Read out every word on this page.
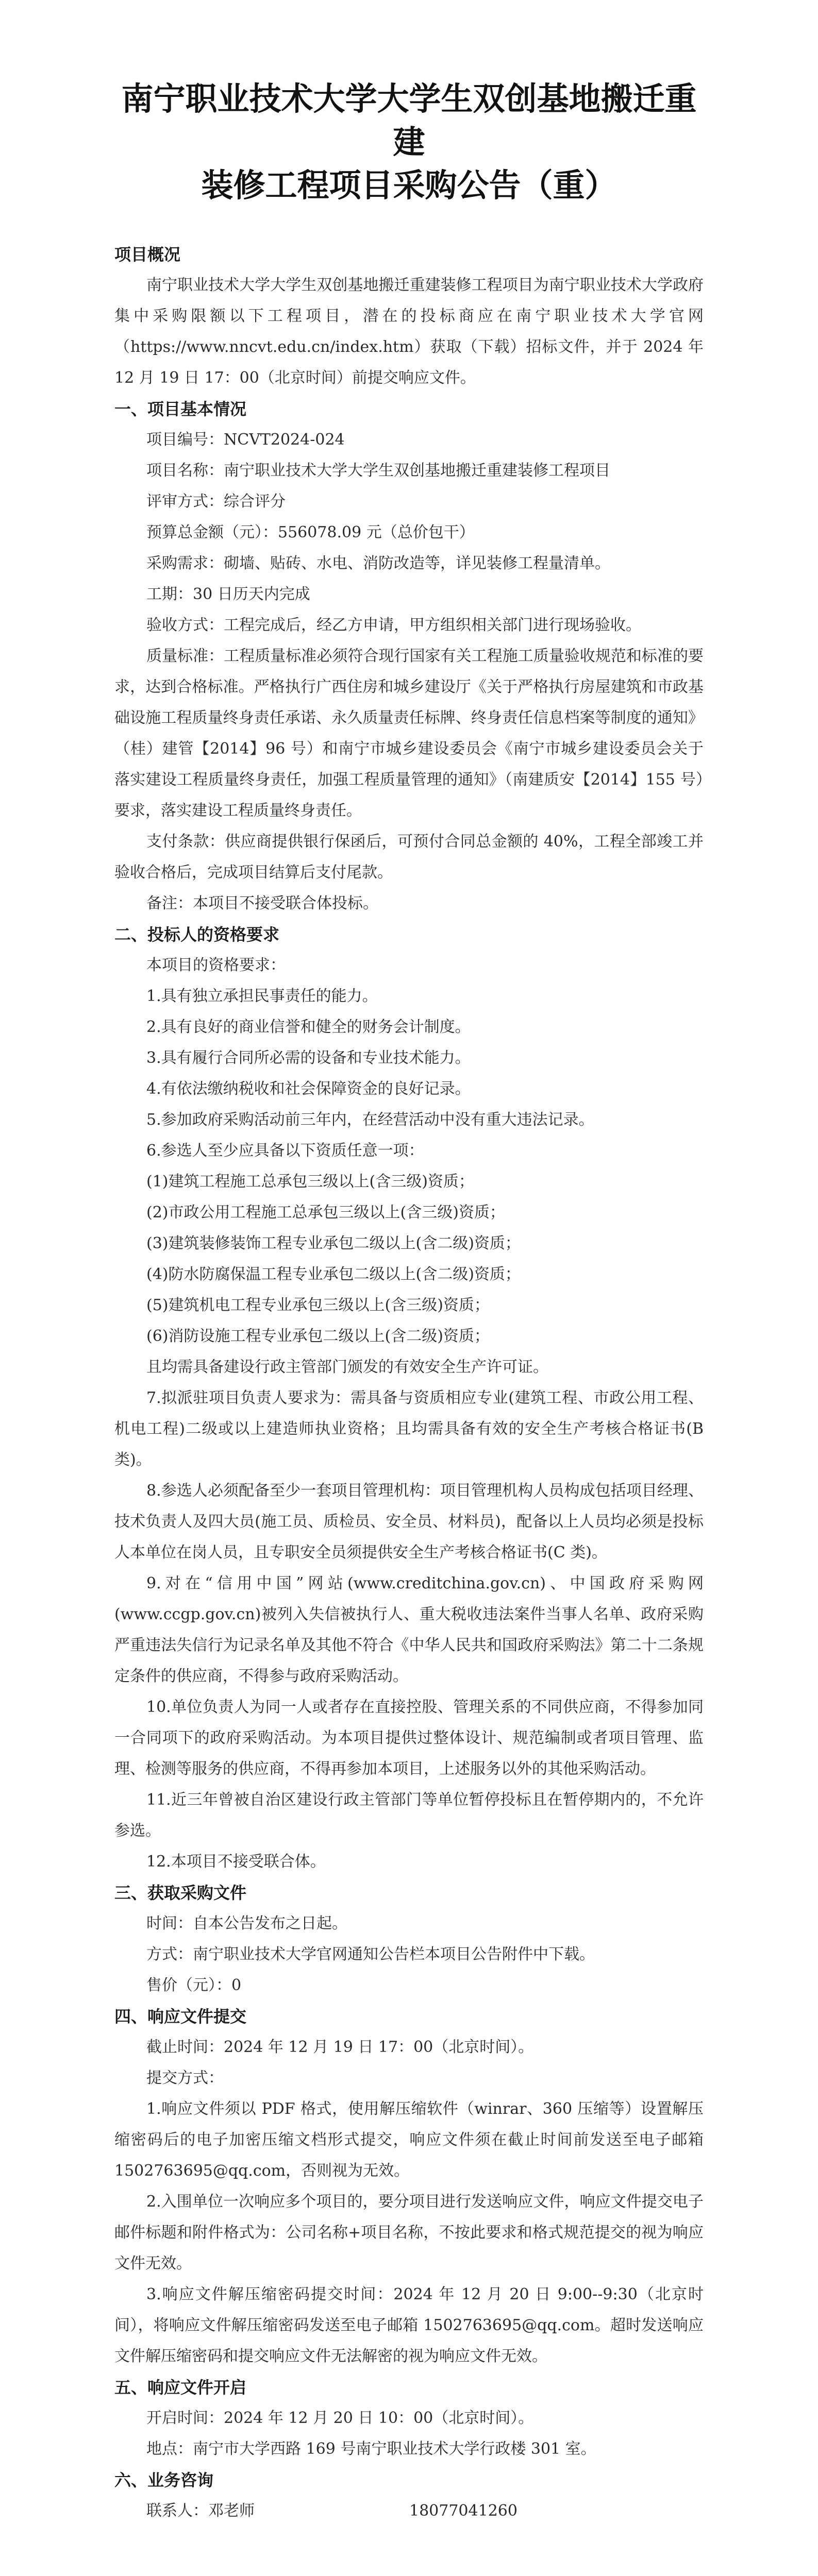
南宁职业技术大学大学生双创基地搬迁重建
装修工程项目采购公告（重）
项目概况

南宁职业技术大学大学生双创基地搬迁重建装修工程项目为南宁职业技术大学政府集中采购限额以下工程项目，潜在的投标商应在南宁职业技术大学官网（https://www.nncvt.edu.cn/index.htm）获取（下载）招标文件，并于 2024 年 12 月 19 日 17：00（北京时间）前提交响应文件。

一、项目基本情况

项目编号：NCVT2024-024

项目名称：南宁职业技术大学大学生双创基地搬迁重建装修工程项目

评审方式：综合评分

预算总金额（元）：556078.09 元（总价包干）

采购需求：砌墙、贴砖、水电、消防改造等，详见装修工程量清单。

工期：30 日历天内完成

验收方式：工程完成后，经乙方申请，甲方组织相关部门进行现场验收。

质量标准：工程质量标准必须符合现行国家有关工程施工质量验收规范和标准的要求，达到合格标准。严格执行广西住房和城乡建设厅《关于严格执行房屋建筑和市政基础设施工程质量终身责任承诺、永久质量责任标牌、终身责任信息档案等制度的通知》（桂）建管【2014】96 号）和南宁市城乡建设委员会《南宁市城乡建设委员会关于落实建设工程质量终身责任，加强工程质量管理的通知》（南建质安【2014】155 号）要求，落实建设工程质量终身责任。

支付条款：供应商提供银行保函后，可预付合同总金额的 40%，工程全部竣工并验收合格后，完成项目结算后支付尾款。

备注：本项目不接受联合体投标。

二、投标人的资格要求

本项目的资格要求：

1.具有独立承担民事责任的能力。

2.具有良好的商业信誉和健全的财务会计制度。

3.具有履行合同所必需的设备和专业技术能力。

4.有依法缴纳税收和社会保障资金的良好记录。

5.参加政府采购活动前三年内，在经营活动中没有重大违法记录。

6.参选人至少应具备以下资质任意一项：

(1)建筑工程施工总承包三级以上(含三级)资质；

(2)市政公用工程施工总承包三级以上(含三级)资质；

(3)建筑装修装饰工程专业承包二级以上(含二级)资质；

(4)防水防腐保温工程专业承包二级以上(含二级)资质；

(5)建筑机电工程专业承包三级以上(含三级)资质；

(6)消防设施工程专业承包二级以上(含二级)资质；

且均需具备建设行政主管部门颁发的有效安全生产许可证。

7.拟派驻项目负责人要求为：需具备与资质相应专业(建筑工程、市政公用工程、机电工程)二级或以上建造师执业资格；且均需具备有效的安全生产考核合格证书(B 类)。

8.参选人必须配备至少一套项目管理机构：项目管理机构人员构成包括项目经理、技术负责人及四大员(施工员、质检员、安全员、材料员)，配备以上人员均必须是投标人本单位在岗人员，且专职安全员须提供安全生产考核合格证书(C 类)。

9.对在“信用中国”网站(www.creditchina.gov.cn)、中国政府采购网(www.ccgp.gov.cn)被列入失信被执行人、重大税收违法案件当事人名单、政府采购严重违法失信行为记录名单及其他不符合《中华人民共和国政府采购法》第二十二条规定条件的供应商，不得参与政府采购活动。

10.单位负责人为同一人或者存在直接控股、管理关系的不同供应商，不得参加同一合同项下的政府采购活动。为本项目提供过整体设计、规范编制或者项目管理、监理、检测等服务的供应商，不得再参加本项目，上述服务以外的其他采购活动。

11.近三年曾被自治区建设行政主管部门等单位暂停投标且在暂停期内的，不允许参选。

12.本项目不接受联合体。

三、获取采购文件

时间：自本公告发布之日起。

方式：南宁职业技术大学官网通知公告栏本项目公告附件中下载。

售价（元）：0

四、响应文件提交

截止时间：2024 年 12 月 19 日 17：00（北京时间）。

提交方式：

1.响应文件须以 PDF 格式，使用解压缩软件（winrar、360 压缩等）设置解压缩密码后的电子加密压缩文档形式提交，响应文件须在截止时间前发送至电子邮箱 1502763695@qq.com，否则视为无效。

2.入围单位一次响应多个项目的，要分项目进行发送响应文件，响应文件提交电子邮件标题和附件格式为：公司名称+项目名称，不按此要求和格式规范提交的视为响应文件无效。

3.响应文件解压缩密码提交时间：2024 年 12 月 20 日 9:00--9:30（北京时间），将响应文件解压缩密码发送至电子邮箱 1502763695@qq.com。超时发送响应文件解压缩密码和提交响应文件无法解密的视为响应文件无效。

五、响应文件开启

开启时间：2024 年 12 月 20 日 10：00（北京时间）。

地点：南宁市大学西路 169 号南宁职业技术大学行政楼 301 室。

六、业务咨询

联系人：邓老师　　　　　　　　　　18077041260
